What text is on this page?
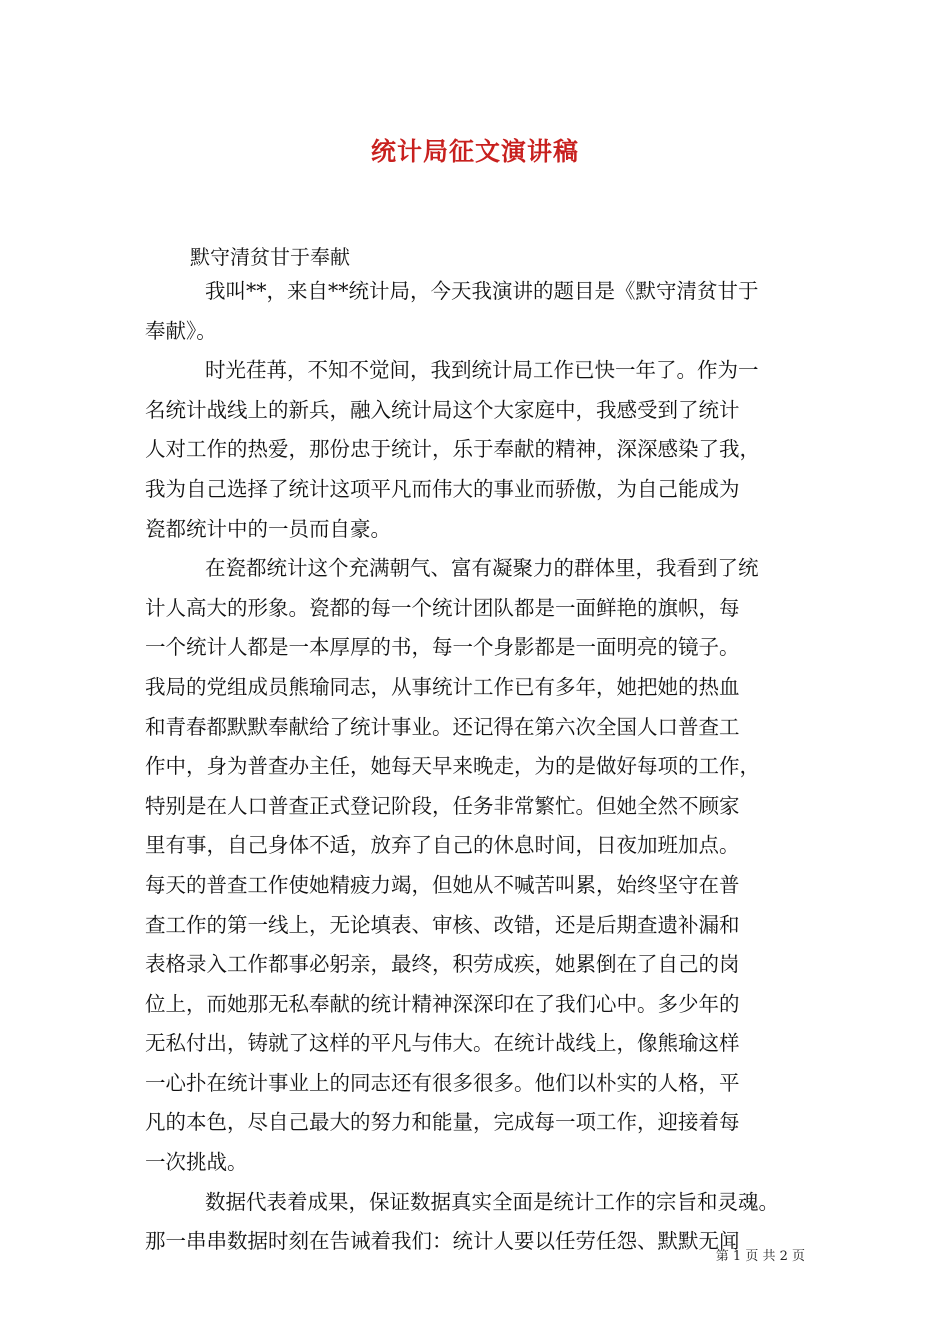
统计局征文演讲稿
默守清贫甘于奉献
我叫**，来自**统计局，今天我演讲的题目是《默守清贫甘于
奉献》。
时光荏苒，不知不觉间，我到统计局工作已快一年了。作为一
名统计战线上的新兵，融入统计局这个大家庭中，我感受到了统计
人对工作的热爱，那份忠于统计，乐于奉献的精神，深深感染了我，
我为自己选择了统计这项平凡而伟大的事业而骄傲，为自己能成为
瓷都统计中的一员而自豪。
在瓷都统计这个充满朝气、富有凝聚力的群体里，我看到了统
计人高大的形象。瓷都的每一个统计团队都是一面鲜艳的旗帜，每
一个统计人都是一本厚厚的书，每一个身影都是一面明亮的镜子。
我局的党组成员熊瑜同志，从事统计工作已有多年，她把她的热血
和青春都默默奉献给了统计事业。还记得在第六次全国人口普查工
作中，身为普查办主任，她每天早来晚走，为的是做好每项的工作，
特别是在人口普查正式登记阶段，任务非常繁忙。但她全然不顾家
里有事，自己身体不适，放弃了自己的休息时间，日夜加班加点。
每天的普查工作使她精疲力竭，但她从不喊苦叫累，始终坚守在普
查工作的第一线上，无论填表、审核、改错，还是后期查遗补漏和
表格录入工作都事必躬亲，最终，积劳成疾，她累倒在了自己的岗
位上，而她那无私奉献的统计精神深深印在了我们心中。多少年的
无私付出，铸就了这样的平凡与伟大。在统计战线上，像熊瑜这样
一心扑在统计事业上的同志还有很多很多。他们以朴实的人格，平
凡的本色，尽自己最大的努力和能量，完成每一项工作，迎接着每
一次挑战。
数据代表着成果，保证数据真实全面是统计工作的宗旨和灵魂。
那一串串数据时刻在告诫着我们：统计人要以任劳任怨、默默无闻
第 1 页 共 2 页
